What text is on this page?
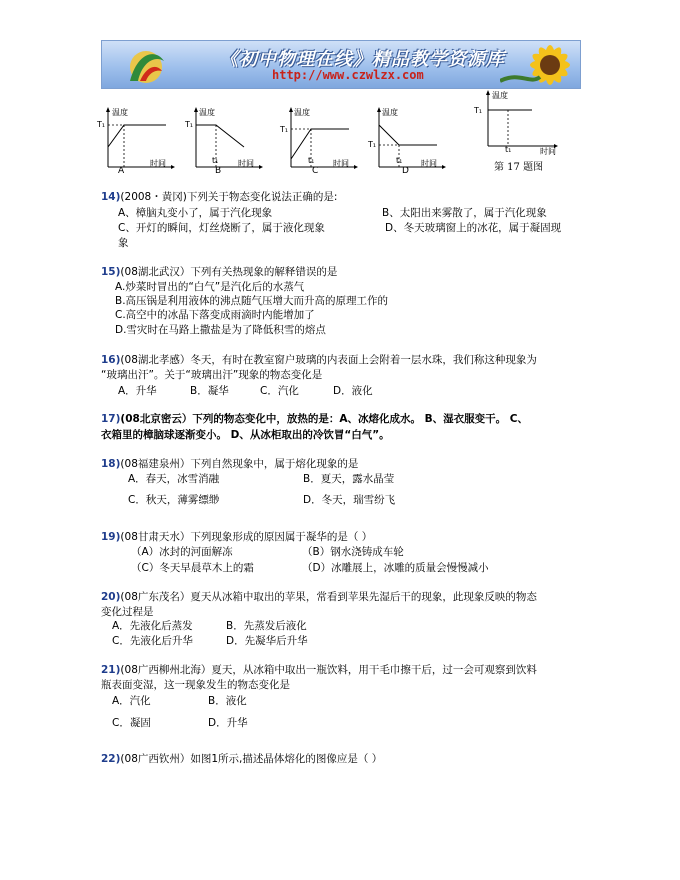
《初中物理在线》精品教学资源库
http://www.czwlzx.com
温度
T₁
时间
A
温度
T₁
t₁ 时间
B
温度
T₁
t₁ 时间
C
温度
T₁
t₁ 时间
D
温度
T₁
t₁	时间
第 17 题图
14)(2008・黄冈)下列关于物态变化说法正确的是:
A、樟脑丸变小了，属于汽化现象	B、太阳出来雾散了，属于汽化现象
C、开灯的瞬间，灯丝烧断了，属于液化现象	D、冬天玻璃窗上的冰花，属于凝固现
象
15)(08湖北武汉）下列有关热现象的解释错误的是
A.炒菜时冒出的“白气”是汽化后的水蒸气
B.高压锅是利用液体的沸点随气压增大而升高的原理工作的
C.高空中的冰晶下落变成雨滴时内能增加了
D.雪灾时在马路上撒盐是为了降低积雪的熔点
16)(08湖北孝感）冬天，有时在教室窗户玻璃的内表面上会附着一层水珠，我们称这种现象为
“玻璃出汗”。关于“玻璃出汗”现象的物态变化是
A．升华	B．凝华	C．汽化	D．液化
17)(08北京密云）下列的物态变化中，放热的是：A、冰熔化成水。 B、湿衣服变干。 C、
衣箱里的樟脑球逐渐变小。 D、从冰柜取出的冷饮冒“白气”。
18)(08福建泉州）下列自然现象中，属于熔化现象的是
A．春天，冰雪消融	B．夏天，露水晶莹
C．秋天，薄雾缥缈	D．冬天，瑞雪纷飞
19)(08甘肃天水）下列现象形成的原因属于凝华的是（ ）
（A）冰封的河面解冻	（B）钢水浇铸成车轮
（C）冬天早晨草木上的霜	（D）冰雕展上，冰雕的质量会慢慢减小
20)(08广东茂名）夏天从冰箱中取出的苹果，常看到苹果先湿后干的现象，此现象反映的物态
变化过程是
A．先液化后蒸发	B．先蒸发后液化
C．先液化后升华	D．先凝华后升华
21)(08广西柳州北海）夏天，从冰箱中取出一瓶饮料，用干毛巾擦干后，过一会可观察到饮料
瓶表面变湿，这一现象发生的物态变化是
A．汽化	B．液化
C．凝固	D．升华
22)(08广西钦州）如图1所示,描述晶体熔化的图像应是（ ）
